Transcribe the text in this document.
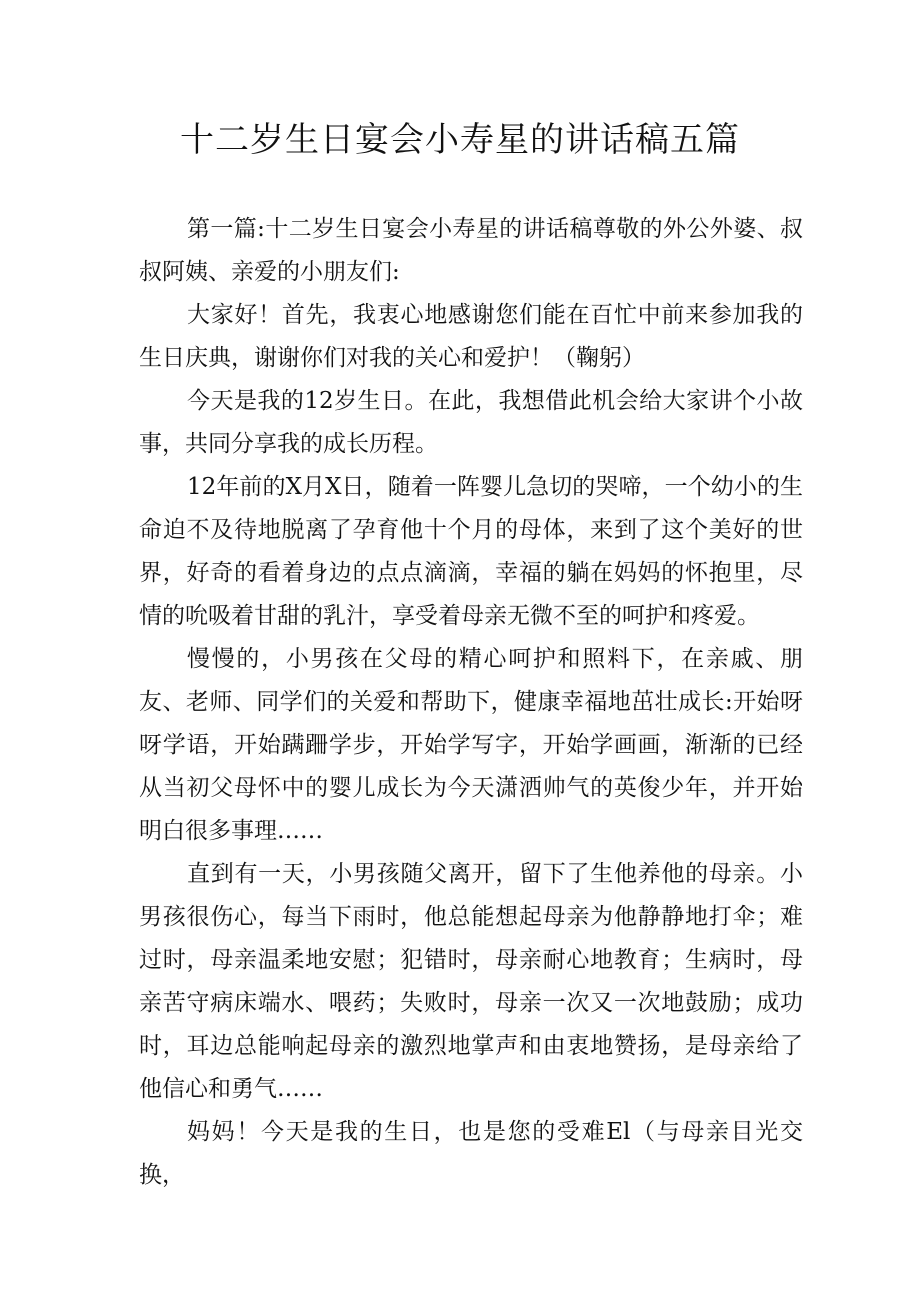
十二岁生日宴会小寿星的讲话稿五篇

第一篇:十二岁生日宴会小寿星的讲话稿尊敬的外公外婆、叔叔阿姨、亲爱的小朋友们:

大家好！首先，我衷心地感谢您们能在百忙中前来参加我的生日庆典，谢谢你们对我的关心和爱护！（鞠躬）

今天是我的12岁生日。在此，我想借此机会给大家讲个小故事，共同分享我的成长历程。

12年前的X月X日，随着一阵婴儿急切的哭啼，一个幼小的生命迫不及待地脱离了孕育他十个月的母体，来到了这个美好的世界，好奇的看着身边的点点滴滴，幸福的躺在妈妈的怀抱里，尽情的吮吸着甘甜的乳汁，享受着母亲无微不至的呵护和疼爱。

慢慢的，小男孩在父母的精心呵护和照料下，在亲戚、朋友、老师、同学们的关爱和帮助下，健康幸福地茁壮成长:开始呀呀学语，开始蹒跚学步，开始学写字，开始学画画，渐渐的已经从当初父母怀中的婴儿成长为今天潇洒帅气的英俊少年，并开始明白很多事理……

直到有一天，小男孩随父离开，留下了生他养他的母亲。小男孩很伤心，每当下雨时，他总能想起母亲为他静静地打伞；难过时，母亲温柔地安慰；犯错时，母亲耐心地教育；生病时，母亲苦守病床端水、喂药；失败时，母亲一次又一次地鼓励；成功时，耳边总能响起母亲的激烈地掌声和由衷地赞扬，是母亲给了他信心和勇气……

妈妈！今天是我的生日，也是您的受难El（与母亲目光交换，
